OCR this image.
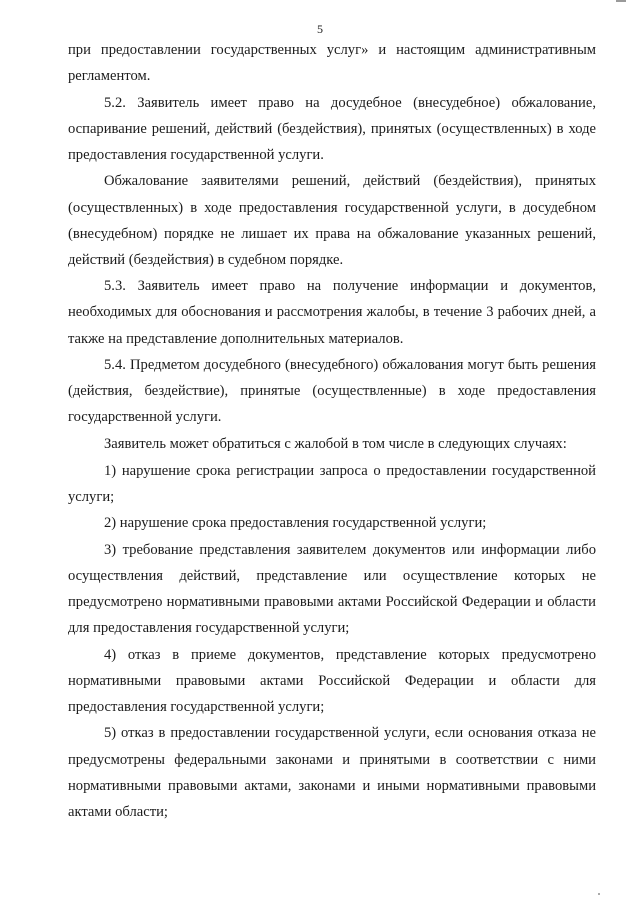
5

при предоставлении государственных услуг» и настоящим административным регламентом.

5.2. Заявитель имеет право на досудебное (внесудебное) обжалование, оспаривание решений, действий (бездействия), принятых (осуществленных) в ходе предоставления государственной услуги.

Обжалование заявителями решений, действий (бездействия), принятых (осуществленных) в ходе предоставления государственной услуги, в досудебном (внесудебном) порядке не лишает их права на обжалование указанных решений, действий (бездействия) в судебном порядке.

5.3. Заявитель имеет право на получение информации и документов, необходимых для обоснования и рассмотрения жалобы, в течение 3 рабочих дней, а также на представление дополнительных материалов.

5.4. Предметом досудебного (внесудебного) обжалования могут быть решения (действия, бездействие), принятые (осуществленные) в ходе предоставления государственной услуги.

Заявитель может обратиться с жалобой в том числе в следующих случаях:

1) нарушение срока регистрации запроса о предоставлении государственной услуги;

2) нарушение срока предоставления государственной услуги;

3) требование представления заявителем документов или информации либо осуществления действий, представление или осуществление которых не предусмотрено нормативными правовыми актами Российской Федерации и области для предоставления государственной услуги;

4) отказ в приеме документов, представление которых предусмотрено нормативными правовыми актами Российской Федерации и области для предоставления государственной услуги;

5) отказ в предоставлении государственной услуги, если основания отказа не предусмотрены федеральными законами и принятыми в соответствии с ними нормативными правовыми актами, законами и иными нормативными правовыми актами области;
